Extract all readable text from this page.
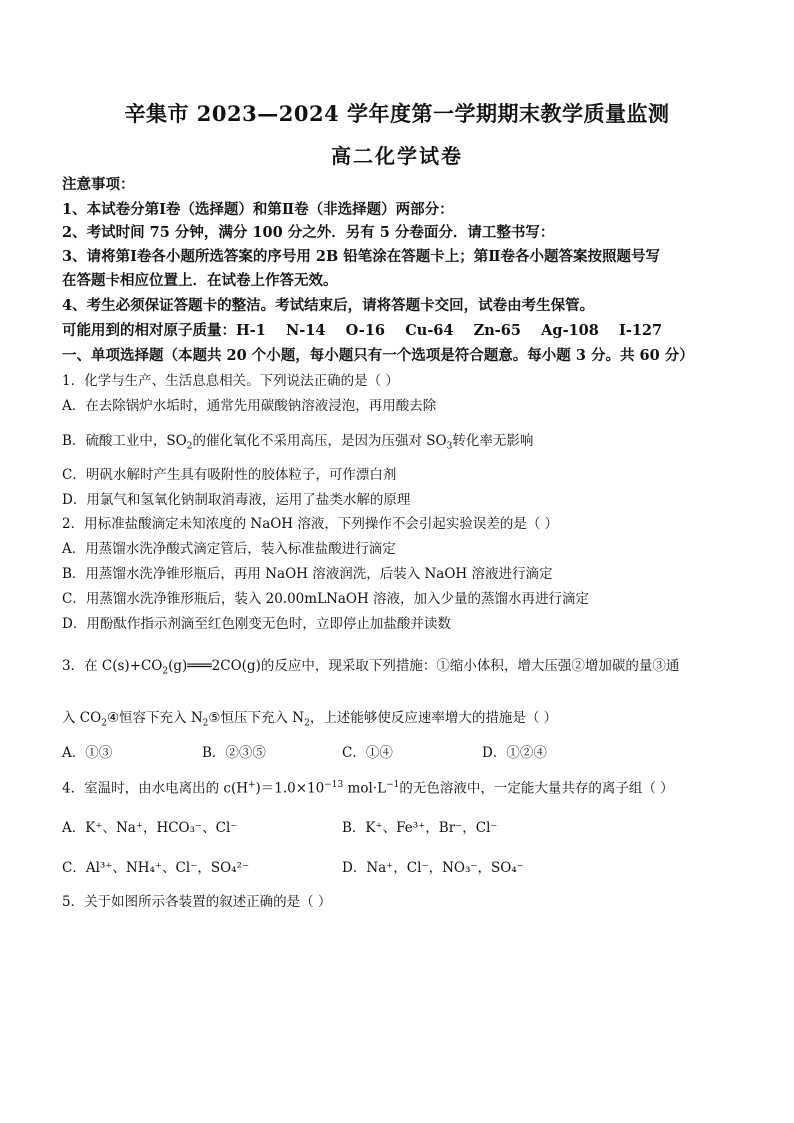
辛集市 2023—2024 学年度第一学期期末教学质量监测
高二化学试卷
注意事项：
1、本试卷分第Ⅰ卷（选择题）和第Ⅱ卷（非选择题）两部分：
2、考试时间 75 分钟，满分 100 分之外．另有 5 分卷面分．请工整书写：
3、请将第Ⅰ卷各小题所选答案的序号用 2B 铅笔涂在答题卡上；第Ⅱ卷各小题答案按照题号写
在答题卡相应位置上．在试卷上作答无效。
4、考生必须保证答题卡的整洁。考试结束后，请将答题卡交回，试卷由考生保管。
可能用到的相对原子质量：H-1    N-14    O-16    Cu-64    Zn-65    Ag-108    I-127
一、单项选择题（本题共 20 个小题，每小题只有一个选项是符合题意。每小题 3 分。共 60 分）
1．化学与生产、生活息息相关。下列说法正确的是（ ）
A．在去除锅炉水垢时，通常先用碳酸钠溶液浸泡，再用酸去除
B．硫酸工业中，$SO_2$的催化氧化不采用高压，是因为压强对 $SO_3$转化率无影响
C．明矾水解时产生具有吸附性的胶体粒子，可作漂白剂
D．用氯气和氢氧化钠制取消毒液，运用了盐类水解的原理
2．用标准盐酸滴定未知浓度的 NaOH 溶液，下列操作不会引起实验误差的是（ ）
A．用蒸馏水洗净酸式滴定管后，装入标准盐酸进行滴定
B．用蒸馏水洗净锥形瓶后，再用 NaOH 溶液润洗，后装入 NaOH 溶液进行滴定
C．用蒸馏水洗净锥形瓶后，装入 20.00mLNaOH 溶液，加入少量的蒸馏水再进行滴定
D．用酚酞作指示剂滴至红色刚变无色时，立即停止加盐酸并读数
3．在 $C(s)+CO_2(g)═══2CO(g)$的反应中，现采取下列措施：①缩小体积，增大压强②增加碳的量③通
入 $CO_2④$恒容下充入 $N_2⑤$恒压下充入 $N_2$，上述能够使反应速率增大的措施是（ ）
A．①③	B．②③⑤	C．①④	D．①②④
4．室温时，由水电离出的 $c(H^+)=1.0\times 10^{-13}$ $mol\cdot L^{-1}$的无色溶液中，一定能大量共存的离子组（ ）
A．K⁺、Na⁺，HCO₃⁻、Cl⁻	B．K⁺、Fe³⁺，Br⁻，Cl⁻
C．Al³⁺、NH₄⁺、Cl⁻，SO₄²⁻	D．Na⁺，Cl⁻，NO₃⁻，SO₄⁻
5．关于如图所示各装置的叙述正确的是（ ）
